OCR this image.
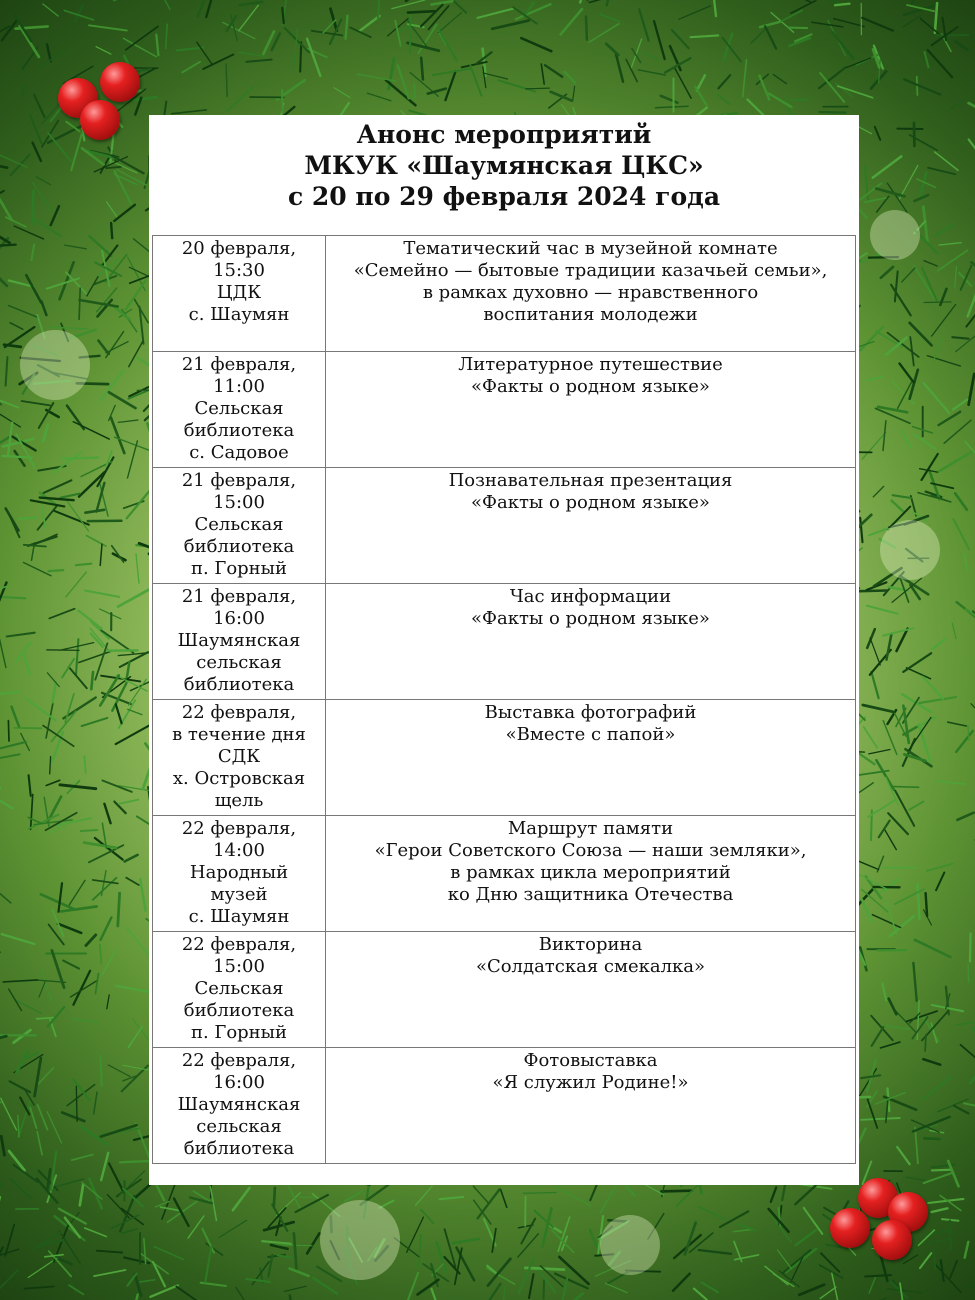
Анонс мероприятий
МКУК «Шаумянская ЦКС»
с 20 по 29 февраля 2024 года
20 февраля,
15:30
ЦДК
с. Шаумян	Тематический час в музейной комнате
«Семейно — бытовые традиции казачьей семьи»,
в рамках духовно — нравственного
воспитания молодежи

21 февраля,
11:00
Сельская
библиотека
с. Садовое	Литературное путешествие
«Факты о родном языке»

21 февраля,
15:00
Сельская
библиотека
п. Горный	Познавательная презентация
«Факты о родном языке»

21 февраля,
16:00
Шаумянская
сельская
библиотека	Час информации
«Факты о родном языке»

22 февраля,
в течение дня
СДК
х. Островская
щель	Выставка фотографий
«Вместе с папой»

22 февраля,
14:00
Народный
музей
с. Шаумян	Маршрут памяти
«Герои Советского Союза — наши земляки»,
в рамках цикла мероприятий
ко Дню защитника Отечества

22 февраля,
15:00
Сельская
библиотека
п. Горный	Викторина
«Солдатская смекалка»

22 февраля,
16:00
Шаумянская
сельская
библиотека	Фотовыставка
«Я служил Родине!»
